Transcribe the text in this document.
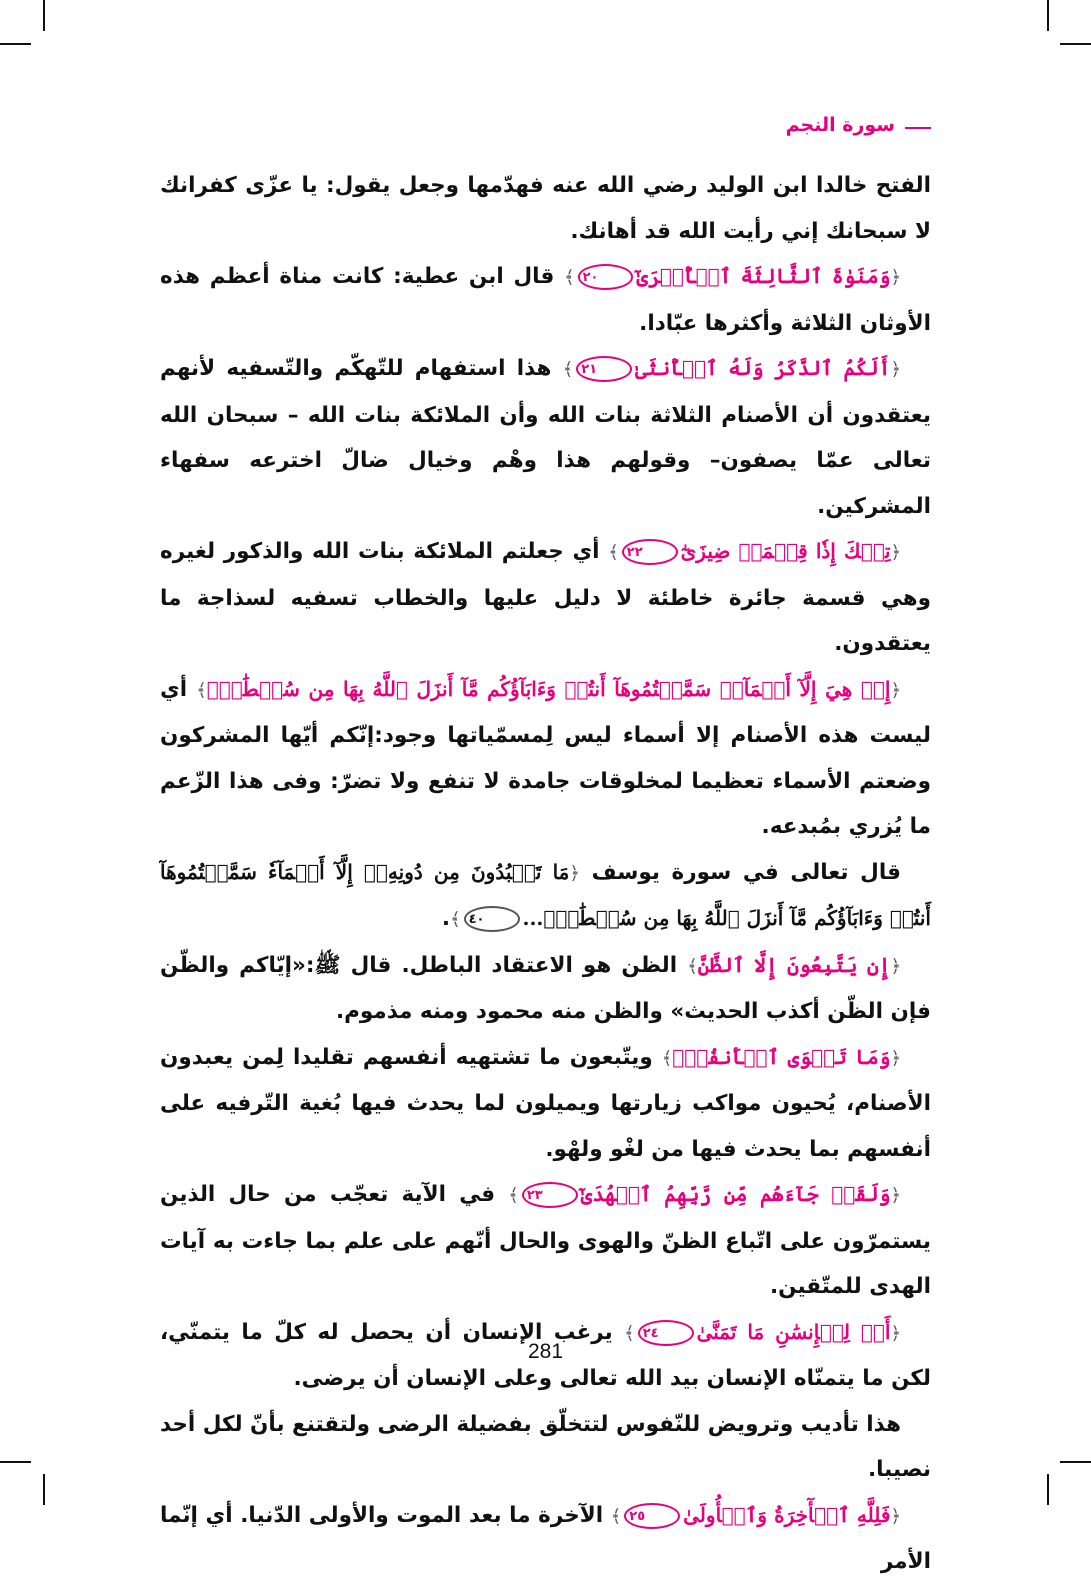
سورة النجم

الفتح خالدا ابن الوليد رضي الله عنه فهدّمها وجعل يقول: يا عزّى كفرانك لا سبحانك إني رأيت الله قد أهانك.

﴿وَمَنَوٰةَ ٱلثَّالِثَةَ ٱلۡأُخۡرَىٰٓ٢٠﴾ قال ابن عطية: كانت مناة أعظم هذه الأوثان الثلاثة وأكثرها عبّادا.

﴿أَلَكُمُ ٱلذَّكَرُ وَلَهُ ٱلۡأُنثَىٰ٢١﴾ هذا استفهام للتّهكّم والتّسفيه لأنهم يعتقدون أن الأصنام الثلاثة بنات الله وأن الملائكة بنات الله – سبحان الله تعالى عمّا يصفون– وقولهم هذا وهْم وخيال ضالّ اخترعه سفهاء المشركين.

﴿تِلۡكَ إِذٗا قِسۡمَةٞ ضِيزَىٰٓ٢٢﴾ أي جعلتم الملائكة بنات الله والذكور لغيره وهي قسمة جائرة خاطئة لا دليل عليها والخطاب تسفيه لسذاجة ما يعتقدون.

﴿إِنۡ هِيَ إِلَّآ أَسۡمَآءٞ سَمَّيۡتُمُوهَآ أَنتُمۡ وَءَابَآؤُكُم مَّآ أَنزَلَ ٱللَّهُ بِهَا مِن سُلۡطَٰنٍۚ﴾ أي ليست هذه الأصنام إلا أسماء ليس لِمسمّياتها وجود:إنّكم أيّها المشركون وضعتم الأسماء تعظيما لمخلوقات جامدة لا تنفع ولا تضرّ: وفى هذا الزّعم ما يُزري بمُبدعه.

قال تعالى في سورة يوسف ﴿مَا تَعۡبُدُونَ مِن دُونِهِۦٓ إِلَّآ أَسۡمَآءٗ سَمَّيۡتُمُوهَآ أَنتُمۡ وَءَابَآؤُكُم مَّآ أَنزَلَ ٱللَّهُ بِهَا مِن سُلۡطَٰنٍۚ...٤٠﴾.

﴿إِن يَتَّبِعُونَ إِلَّا ٱلظَّنَّ﴾ الظن هو الاعتقاد الباطل. قال ﷺ:«إيّاكم والظّن فإن الظّن أكذب الحديث» والظن منه محمود ومنه مذموم.

﴿وَمَا تَهۡوَى ٱلۡأَنفُسُۖ﴾ ويتّبعون ما تشتهيه أنفسهم تقليدا لِمن يعبدون الأصنام، يُحيون مواكب زيارتها ويميلون لما يحدث فيها بُغية التّرفيه على أنفسهم بما يحدث فيها من لغْو ولهْو.

﴿وَلَقَدۡ جَآءَهُم مِّن رَّبِّهِمُ ٱلۡهُدَىٰٓ٢٣﴾ في الآية تعجّب من حال الذين يستمرّون على اتّباع الظنّ والهوى والحال أنّهم على علم بما جاءت به آيات الهدى للمتّقين.

﴿أَمۡ لِلۡإِنسَٰنِ مَا تَمَنَّىٰ٢٤﴾ يرغب الإنسان أن يحصل له كلّ ما يتمنّي، لكن ما يتمنّاه الإنسان بيد الله تعالى وعلى الإنسان أن يرضى.

هذا تأديب وترويض للنّفوس لتتخلّق بفضيلة الرضى ولتقتنع بأنّ لكل أحد نصيبا.

﴿فَلِلَّهِ ٱلۡأٓخِرَةُ وَٱلۡأُولَىٰ٢٥﴾ الآخرة ما بعد الموت والأولى الدّنيا. أي إنّما الأمر

281
